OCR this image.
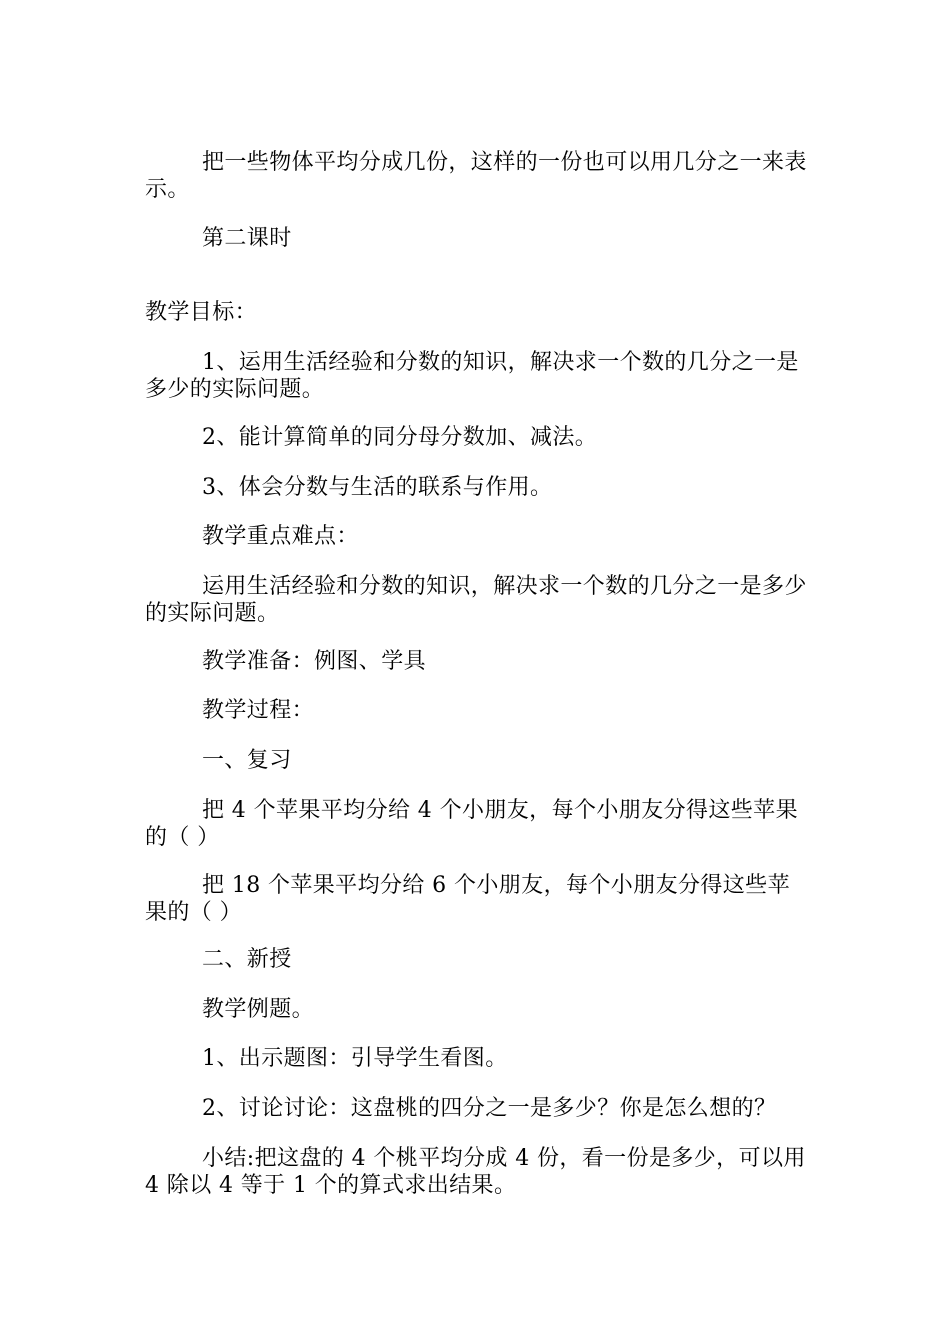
把一些物体平均分成几份，这样的一份也可以用几分之一来表示。

第二课时

教学目标：

1、运用生活经验和分数的知识，解决求一个数的几分之一是多少的实际问题。

2、能计算简单的同分母分数加、减法。

3、体会分数与生活的联系与作用。

教学重点难点：

运用生活经验和分数的知识，解决求一个数的几分之一是多少的实际问题。

教学准备：例图、学具

教学过程：

一、复习

把 4 个苹果平均分给 4 个小朋友，每个小朋友分得这些苹果的（ ）

把 18 个苹果平均分给 6 个小朋友，每个小朋友分得这些苹果的（ ）

二、新授

教学例题。

1、出示题图：引导学生看图。

2、讨论讨论：这盘桃的四分之一是多少？你是怎么想的？

小结:把这盘的 4 个桃平均分成 4 份，看一份是多少，可以用 4 除以 4 等于 1 个的算式求出结果。
